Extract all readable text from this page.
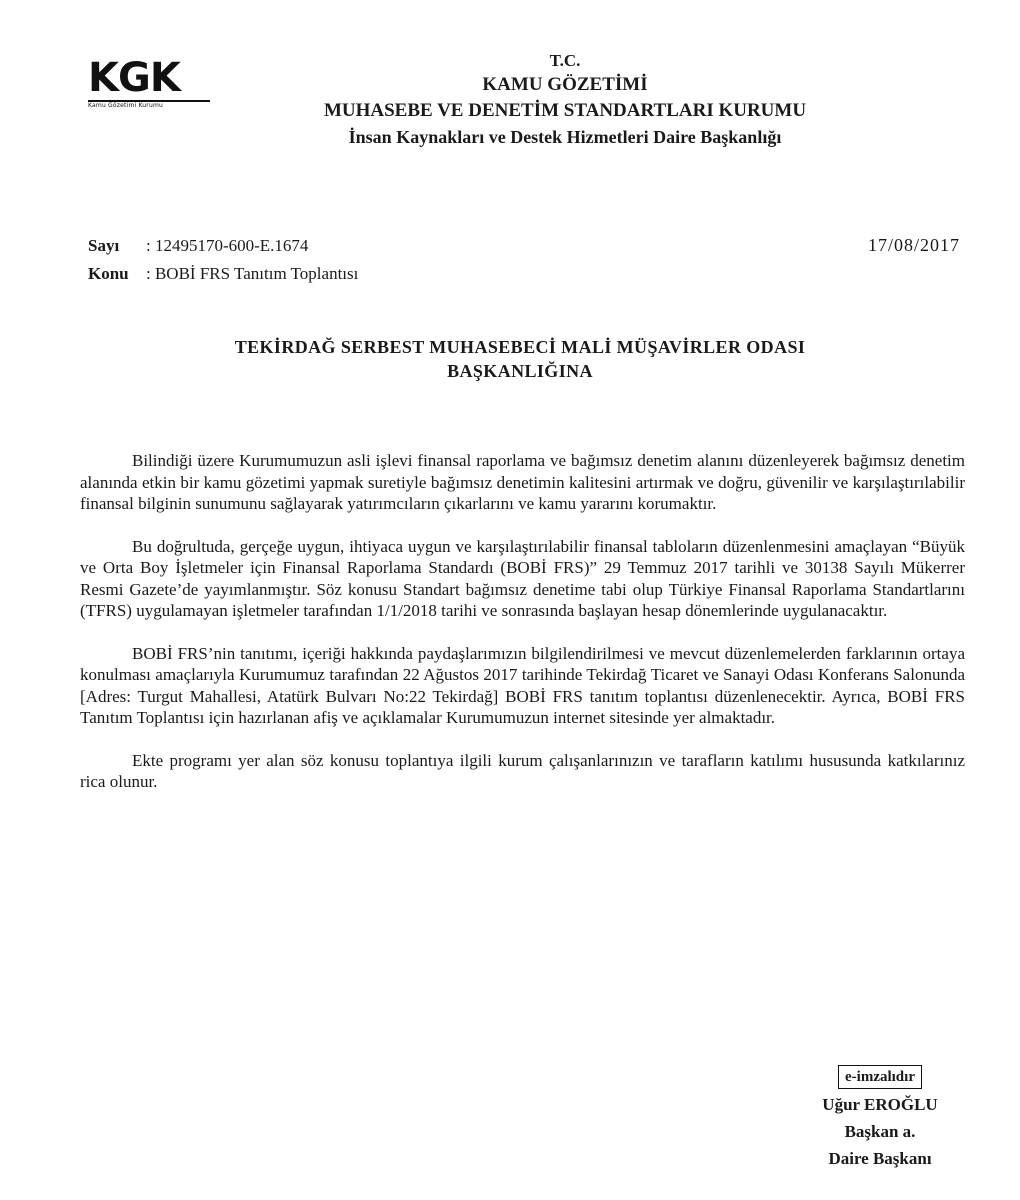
KGK
Kamu Gözetimi Kurumu
T.C.
KAMU GÖZETİMİ
MUHASEBE VE DENETİM STANDARTLARI KURUMU
İnsan Kaynakları ve Destek Hizmetleri Daire Başkanlığı
Sayı : 12495170-600-E.1674
Konu : BOBİ FRS Tanıtım Toplantısı
17/08/2017
TEKİRDAĞ SERBEST MUHASEBECİ MALİ MÜŞAVİRLER ODASI
BAŞKANLIĞINA

Bilindiği üzere Kurumumuzun asli işlevi finansal raporlama ve bağımsız denetim alanını düzenleyerek bağımsız denetim alanında etkin bir kamu gözetimi yapmak suretiyle bağımsız denetimin kalitesini artırmak ve doğru, güvenilir ve karşılaştırılabilir finansal bilginin sunumunu sağlayarak yatırımcıların çıkarlarını ve kamu yararını korumaktır.

Bu doğrultuda, gerçeğe uygun, ihtiyaca uygun ve karşılaştırılabilir finansal tabloların düzenlenmesini amaçlayan “Büyük ve Orta Boy İşletmeler için Finansal Raporlama Standardı (BOBİ FRS)” 29 Temmuz 2017 tarihli ve 30138 Sayılı Mükerrer Resmi Gazete’de yayımlanmıştır. Söz konusu Standart bağımsız denetime tabi olup Türkiye Finansal Raporlama Standartlarını (TFRS) uygulamayan işletmeler tarafından 1/1/2018 tarihi ve sonrasında başlayan hesap dönemlerinde uygulanacaktır.

BOBİ FRS’nin tanıtımı, içeriği hakkında paydaşlarımızın bilgilendirilmesi ve mevcut düzenlemelerden farklarının ortaya konulması amaçlarıyla Kurumumuz tarafından 22 Ağustos 2017 tarihinde Tekirdağ Ticaret ve Sanayi Odası Konferans Salonunda [Adres: Turgut Mahallesi, Atatürk Bulvarı No:22 Tekirdağ] BOBİ FRS tanıtım toplantısı düzenlenecektir. Ayrıca, BOBİ FRS Tanıtım Toplantısı için hazırlanan afiş ve açıklamalar Kurumumuzun internet sitesinde yer almaktadır.

Ekte programı yer alan söz konusu toplantıya ilgili kurum çalışanlarınızın ve tarafların katılımı hususunda katkılarınız rica olunur.

e-imzalıdır
Uğur EROĞLU
Başkan a.
Daire Başkanı
